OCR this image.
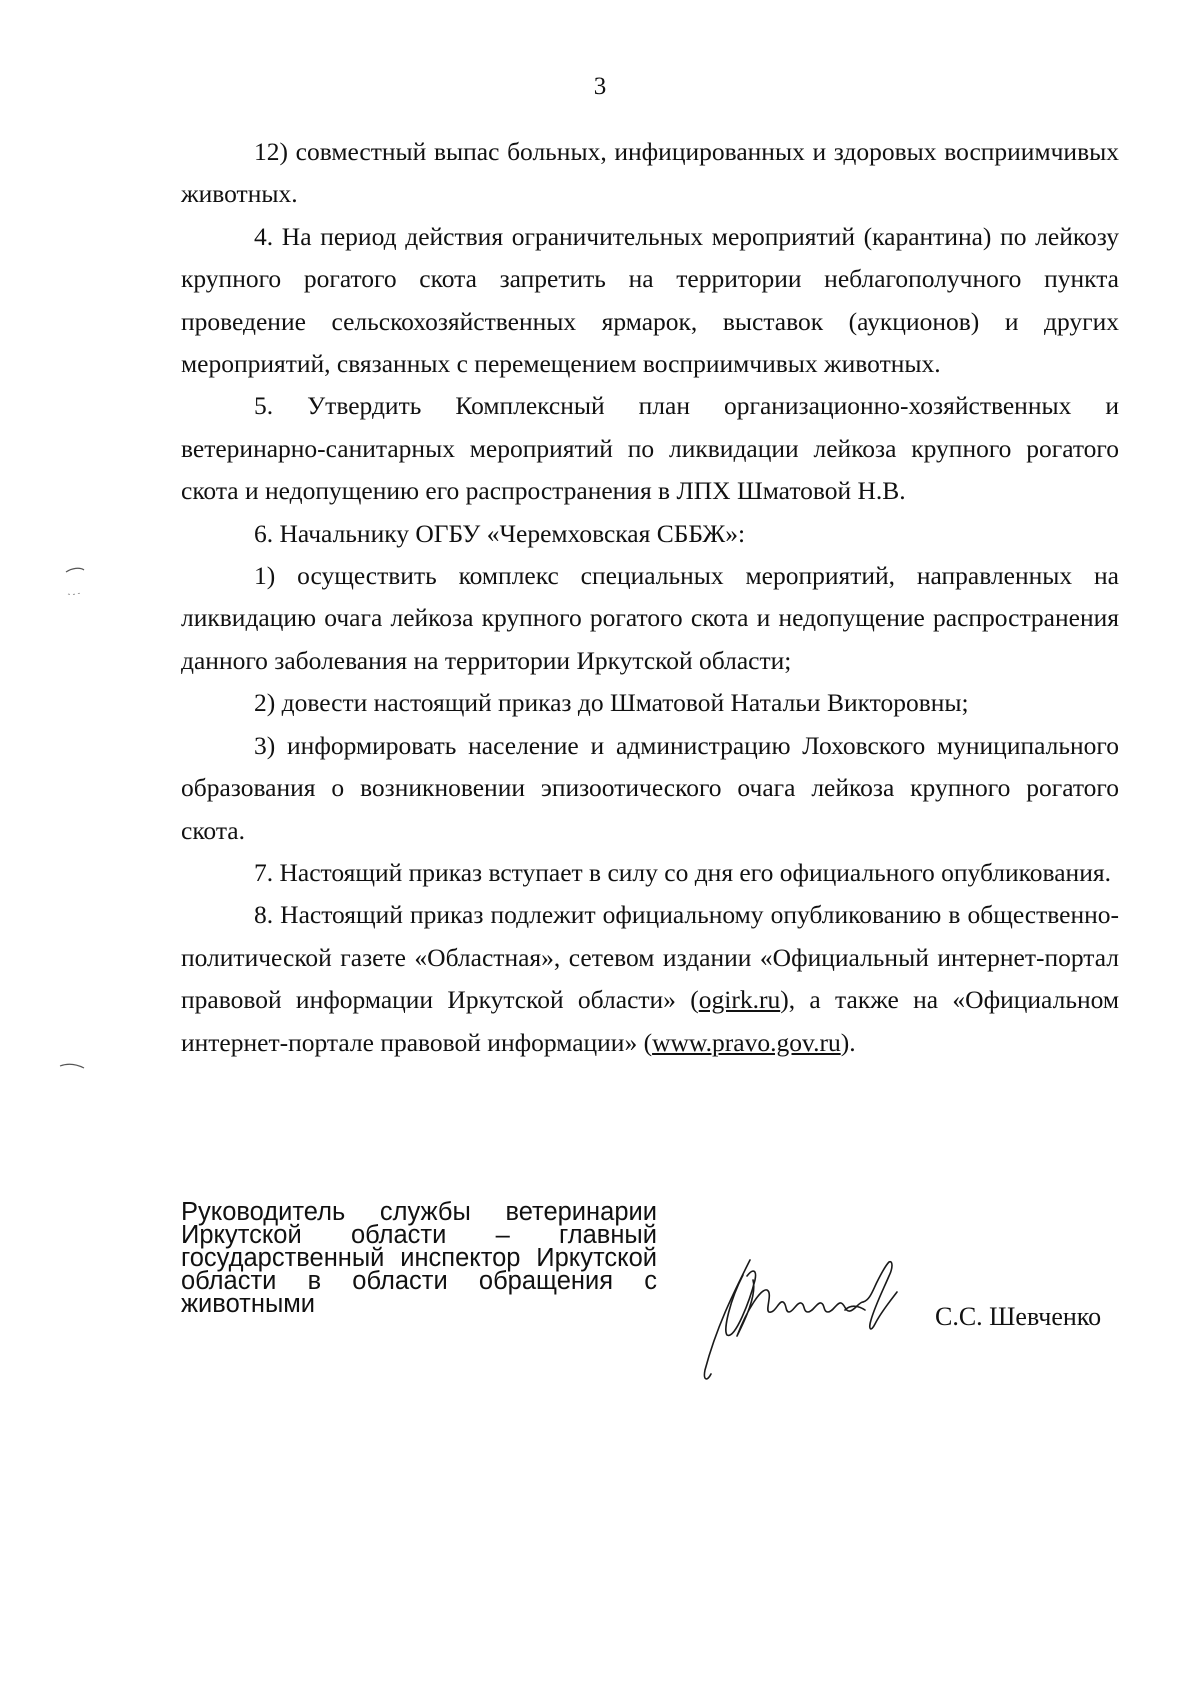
3

12) совместный выпас больных, инфицированных и здоровых восприимчивых животных.

4. На период действия ограничительных мероприятий (карантина) по лейкозу крупного рогатого скота запретить на территории неблагополучного пункта проведение сельскохозяйственных ярмарок, выставок (аукционов) и других мероприятий, связанных с перемещением восприимчивых животных.

5. Утвердить Комплексный план организационно-хозяйственных и ветеринарно-санитарных мероприятий по ликвидации лейкоза крупного рогатого скота и недопущению его распространения в ЛПХ Шматовой Н.В.

6. Начальнику ОГБУ «Черемховская СББЖ»:

1) осуществить комплекс специальных мероприятий, направленных на ликвидацию очага лейкоза крупного рогатого скота и недопущение распространения данного заболевания на территории Иркутской области;

2) довести настоящий приказ до Шматовой Натальи Викторовны;

3) информировать население и администрацию Лоховского муниципального образования о возникновении эпизоотического очага лейкоза крупного рогатого скота.

7. Настоящий приказ вступает в силу со дня его официального опубликования.

8. Настоящий приказ подлежит официальному опубликованию в общественно-политической газете «Областная», сетевом издании «Официальный интернет-портал правовой информации Иркутской области» (ogirk.ru), а также на «Официальном интернет-портале правовой информации» (www.pravo.gov.ru).

Руководитель службы ветеринарии Иркутской области – главный государственный инспектор Иркутской области в области обращения с животными	С.С. Шевченко
